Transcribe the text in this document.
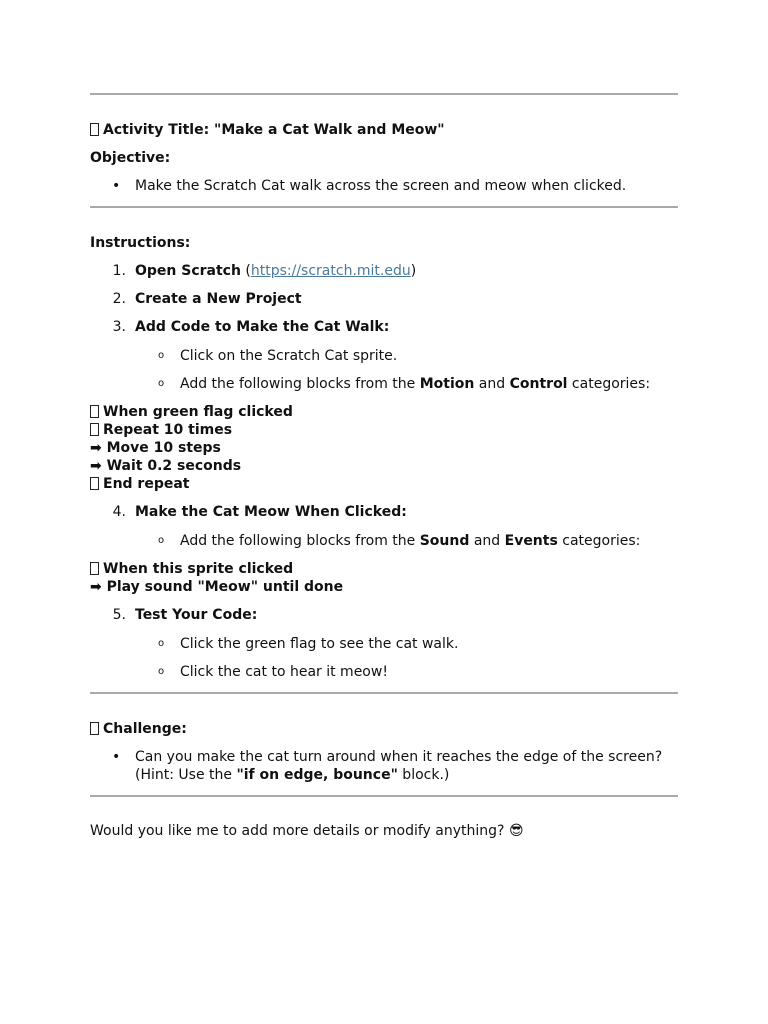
Activity Title: "Make a Cat Walk and Meow"
Objective:
• Make the Scratch Cat walk across the screen and meow when clicked.
Instructions:
1. Open Scratch (https://scratch.mit.edu)
2. Create a New Project
3. Add Code to Make the Cat Walk:
o Click on the Scratch Cat sprite.
o Add the following blocks from the Motion and Control categories:
When green flag clicked
Repeat 10 times
➡ Move 10 steps
➡ Wait 0.2 seconds
End repeat
4. Make the Cat Meow When Clicked:
o Add the following blocks from the Sound and Events categories:
When this sprite clicked
➡ Play sound "Meow" until done
5. Test Your Code:
o Click the green flag to see the cat walk.
o Click the cat to hear it meow!
Challenge:
• Can you make the cat turn around when it reaches the edge of the screen?
(Hint: Use the "if on edge, bounce" block.)
Would you like me to add more details or modify anything? 😎
